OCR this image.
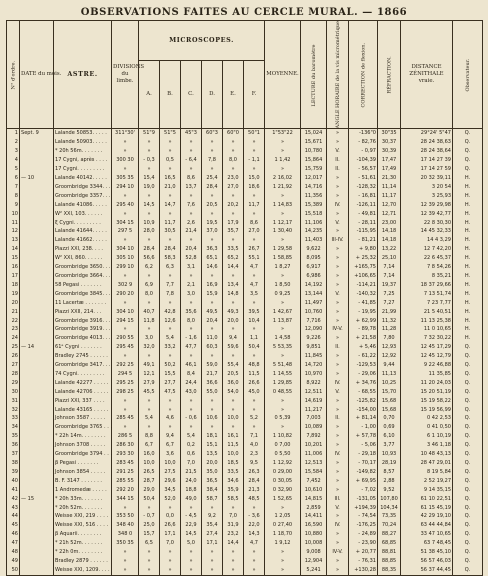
OBSERVATIONS FAITES AU CERCLE MURAL. — 1866
N° d'ordre.	DATE du mois.	ASTRE.	DIVISIONS du limbe.	MICROSCOPES.						MOYENNE.	LECTURE du baromètre	ANGLE HORAIRE de la vis micrométrique	CORRECTION de flexion.	RÉFRACTION.	DISTANCE ZÉNITHALE vraie.	Observateur.
				A.	B.	C.	D.	E.	F.							
1	Sept. 9	Lalande 50853. . . . .	311°30'	51"9	51"5	45"3	60"3	60"0	50"1	1"53"22	15,024	»	-136"0	30"35	29°24' 5"47	Q.
2		Lalande 50903. . . . .	»	»	»	»	»	»	»	»	15,671	»	- 82,76	30,37	28 24 38,63	Q.
3		* 20h 56m. . . . . . .	»	»	»	»	»	»	»	»	10,780	V.	- 0,97	30,39	28 24 38,64	Q.
4		17 Cygni, après . . . .	300 30	- 0,3	0,5	- 6,4	7,8	8,0	- 1,1	1 1,42	15,864	II.	-104,39	17,47	17 14 27 39	Q.
5		17 Cygni. . . . . . . . .	»	»	»	»	»	»	»	»	15,759	II.	- 56,57	17,49	17 14 27 59	Q.
6	— 10	Lalande 40142. . . . .	305 35	15,4	16,5	8,6	25,4	23,0	15,0	2 16,02	12,017	»	- 51,61	21,30	20 32 39,11	H.
7		Groombridge 3344. . .	294 10	19,0	21,0	13,7	28,4	27,0	18,6	1 21,92	14,716	»	-128,32	11,14	3 20 54	H.
8		Groombridge 3357. . .	»	»	»	»	»	»	»	»	11,356	»	- 16,81	11,17	3 25,93	H.
9		Lalande 41086. . . . .	295 40	14,5	14,7	7,6	20,5	20,2	11,7	1 14,83	15,389	IV.	-126,11	12,70	12 39 29,98	H.
10		W² XXI, 103. . . . . .	»	»	»	»	»	»	»	»	15,518	»	- 49,81	12,71	12 39 42,77	H.
11		ξ Cygni. . . . . . . . .	304 15	10,9	11,7	2,6	19,5	17,9	8,6	1 12,17	11,106	V.	- 28,11	23,00	22 8 30,30	H.
12		Lalande 41644. . . . .	297 5	28,0	30,5	21,4	37,0	35,7	27,0	1 30,40	14,235	»	-115,95	14,18	14 45 32,33	H.
13		Lalande 41662. . . . .	»	»	»	»	»	»	»	»	11,403	III-IV.	- 81,21	14,18	14 4 3,29	H.
14		Piazzi XXI, 238. . . .	304 10	28,4	28,4	20,4	36,3	33,5	26,7	1 29,58	9,622	»	+ 9,80	13,22	12 7 42,20	H.
15		W² XXI, 860. . . . . .	305 10	56,6	58,3	52,8	65,1	65,2	55,1	1 58,85	8,095	»	+ 25,32	25,10	22 6 45,37	H.
16		Groombridge 3650. . .	299 10	6,2	6,3	3,1	14,6	14,4	4,7	1 8,27	6,917	»	+165,75	7,14	7 8 54,26	H.
17		Groombridge 3664. . .	»	»	»	»	»	»	»	»	6,986	»	+106,65	7,14	8 35,21	H.
18		58 Pegasi . . . . . . .	302 9	6,9	7,7	2,1	16,9	13,4	4,7	1 8,50	14,192	»	-114,21	19,37	18 37 29,66	H.
19		Groombridge 3845. . .	290 20	8,0	7,8	3,0	15,9	14,8	3,5	0 9,25	13,144	V.	-140,32	7,25	7 13 51,74	H.
20		11 Lacertæ . . . . . . .	»	»	»	»	»	»	»	»	11,497	»	- 41,85	7,27	7 23 7,77	H.
21		Piazzi XXII, 214. . .	304 10	40,7	42,8	35,6	49,5	49,3	39,5	1 42,67	10,760	»	- 19,95	21,99	21 5 40,51	H.
22		Groombridge 3916. . .	294 15	11,8	12,6	8,0	20,4	20,0	10,4	1 13,87	7,716	»	+ 62,99	11,32	11 13 25,38	H.
23		Groombridge 3919. . .	»	»	»	»	»	»	»	»	12,090	IV-V.	- 89,78	11,28	11 0 10,65	H.
24		Groombridge 4013. . .	290 55	3,0	5,4	- 1,6	11,0	9,4	1,1	1 4,58	9,226	»	+ 21,58	7,80	7 32 30,22	H.
25	— 14	61ᵉ Cygni . . . . . . .	295 45	32,0	33,2	47,7	60,3	59,6	50,4	5 53,35	9,851	II.	+ 5,46	12,93	12 45 17,29	Q.
26		Bradley 2745 . . . . . .	»	»	»	»	»	»	»	»	11,845	»	- 61,22	12,92	12 45 12,79	Q.
27		Groombridge 3417. . .	292 25	49,1	50,2	46,1	59,0	55,4	48,8	5 51,48	14,720	»	-129,53	9,44	9 22 46,88	Q.
28		74 Cygni. . . . . . . . .	294 5	12,1	15,5	8,4	21,7	20,5	11,5	1 14,55	10,970	»	- 29,06	11,13	11 35,85	Q.
29		Lalande 42277 . . . . .	295 25	27,9	27,7	24,4	36,6	36,0	26,6	1 29,85	8,922	IV.	+ 34,76	10,25	11 20 24,03	Q.
30		Lalande 42706 . . . . .	298 25	45,5	47,5	43,0	55,0	54,0	45,0	0 48,55	12,511	V.	- 68,55	15,70	15 20 51,19	Q.
31		Piazzi XXI, 337 . . . .	»	»	»	»	»	»	»	»	14,619	»	-125,82	15,68	15 19 58,22	Q.
32		Lalande 43165 . . . . .	»	»	»	»	»	»	»	»	11,217	»	-154,00	15,68	15 19 56,99	Q.
33		Johnson 3587 . . . . .	285 45	5,4	4,6	- 0,6	10,6	10,0	5,2	0 5,39	7,003	II.	+ 81,14	0,70	0 42 2,53	Q.
34		Groombridge 3765 . . .	»	»	»	»	»	»	»	»	10,089	»	- 1,00	0,69	0 41 0,50	Q.
35		* 22h 14m. . . . . . . .	286 5	8,8	9,4	5,4	18,1	16,1	7,1	1 10,82	7,892	»	+ 57,78	6,10	6 1 10,19	Q.
36		Johnson 3708 . . . . .	286 30	6,7	6,7	0,2	15,1	11,5	4,0	0 7,00	10,201	»	- 5,06	3,77	3 46 1,18	Q.
37		Groombridge 3794 . . .	293 30	16,0	3,6	0,6	13,5	10,0	2,3	0 5,50	11,006	IV.	- 29,18	10,93	10 48 43,13	Q.
38		β Pegasi . . . . . . .	283 45	10,0	10,0	7,0	20,0	18,5	9,5	1 12,92	12,513	»	- 70,17	28,19	28 47 29,01	Q.
39		Johnson 3854 . . . . .	291 25	26,5	27,5	21,5	35,0	33,5	26,3	0 29,00	15,584	»	-149,82	8,57	8 19 5,84	Q.
40		B. F. 3147 . . . . . . .	285 55	28,7	29,6	24,0	36,5	34,6	28,4	0 30,05	7,452	»	+ 69,95	2,88	2 52 19,27	Q.
41		1 Andromedæ . . . . .	292 20	29,0	34,5	18,8	38,4	35,9	21,3	0 32,90	10,610	»	- 7,02	9,52	9 14 35,15	Q.
42	— 15	* 20h 33m. . . . . . .	344 15	50,4	52,0	49,0	58,7	58,5	48,5	1 52,65	14,815	III.	-131,05	107,80	61 10 22,51	Q.
43		* 20h 52m. . . . . . .	»	»	»	»	»	»	»	»	2,859	V.	+194,39	104,34	61 15 45,19	Q.
44		Weisse XXI, 219 . . . .	353 50	- 0,7	0,0	- 4,5	9,2	7,0	- 3,6	1 2,05	14,411	»	- 74,54	73,35	42 29 19,10	Q.
45		Weisse XXI, 516 . . . .	348 40	25,0	26,6	22,9	35,4	31,9	22,0	0 27,40	16,590	IV.	-176,25	70,24	63 44 44,84	Q.
46		β Aquarii. . . . . . . .	348 0	15,7	17,1	14,5	27,4	23,2	14,3	1 18,70	10,880	»	- 24,89	88,27	33 47 10,65	Q.
47		* 21h 52m. . . . . . .	350 35	6,5	7,0	5,0	17,1	14,4	4,7	1 9,12	10,008	»	- 23,90	68,85	63 7 48,45	Q.
48		* 22h 0m. . . . . . . .	»	»	»	»	»	»	»	»	9,008	IV-V.	+ 20,77	88,81	51 38 45,10	Q.
49		Bradley 2879 . . . . . .	»	»	»	»	»	»	»	»	12,904	»	- 76,31	88,85	56 57 46,03	Q.
50		Weisse XXI, 1209. . . .	»	»	»	»	»	»	»	»	5,241	»	+130,28	88,35	56 37 44,45	Q.
